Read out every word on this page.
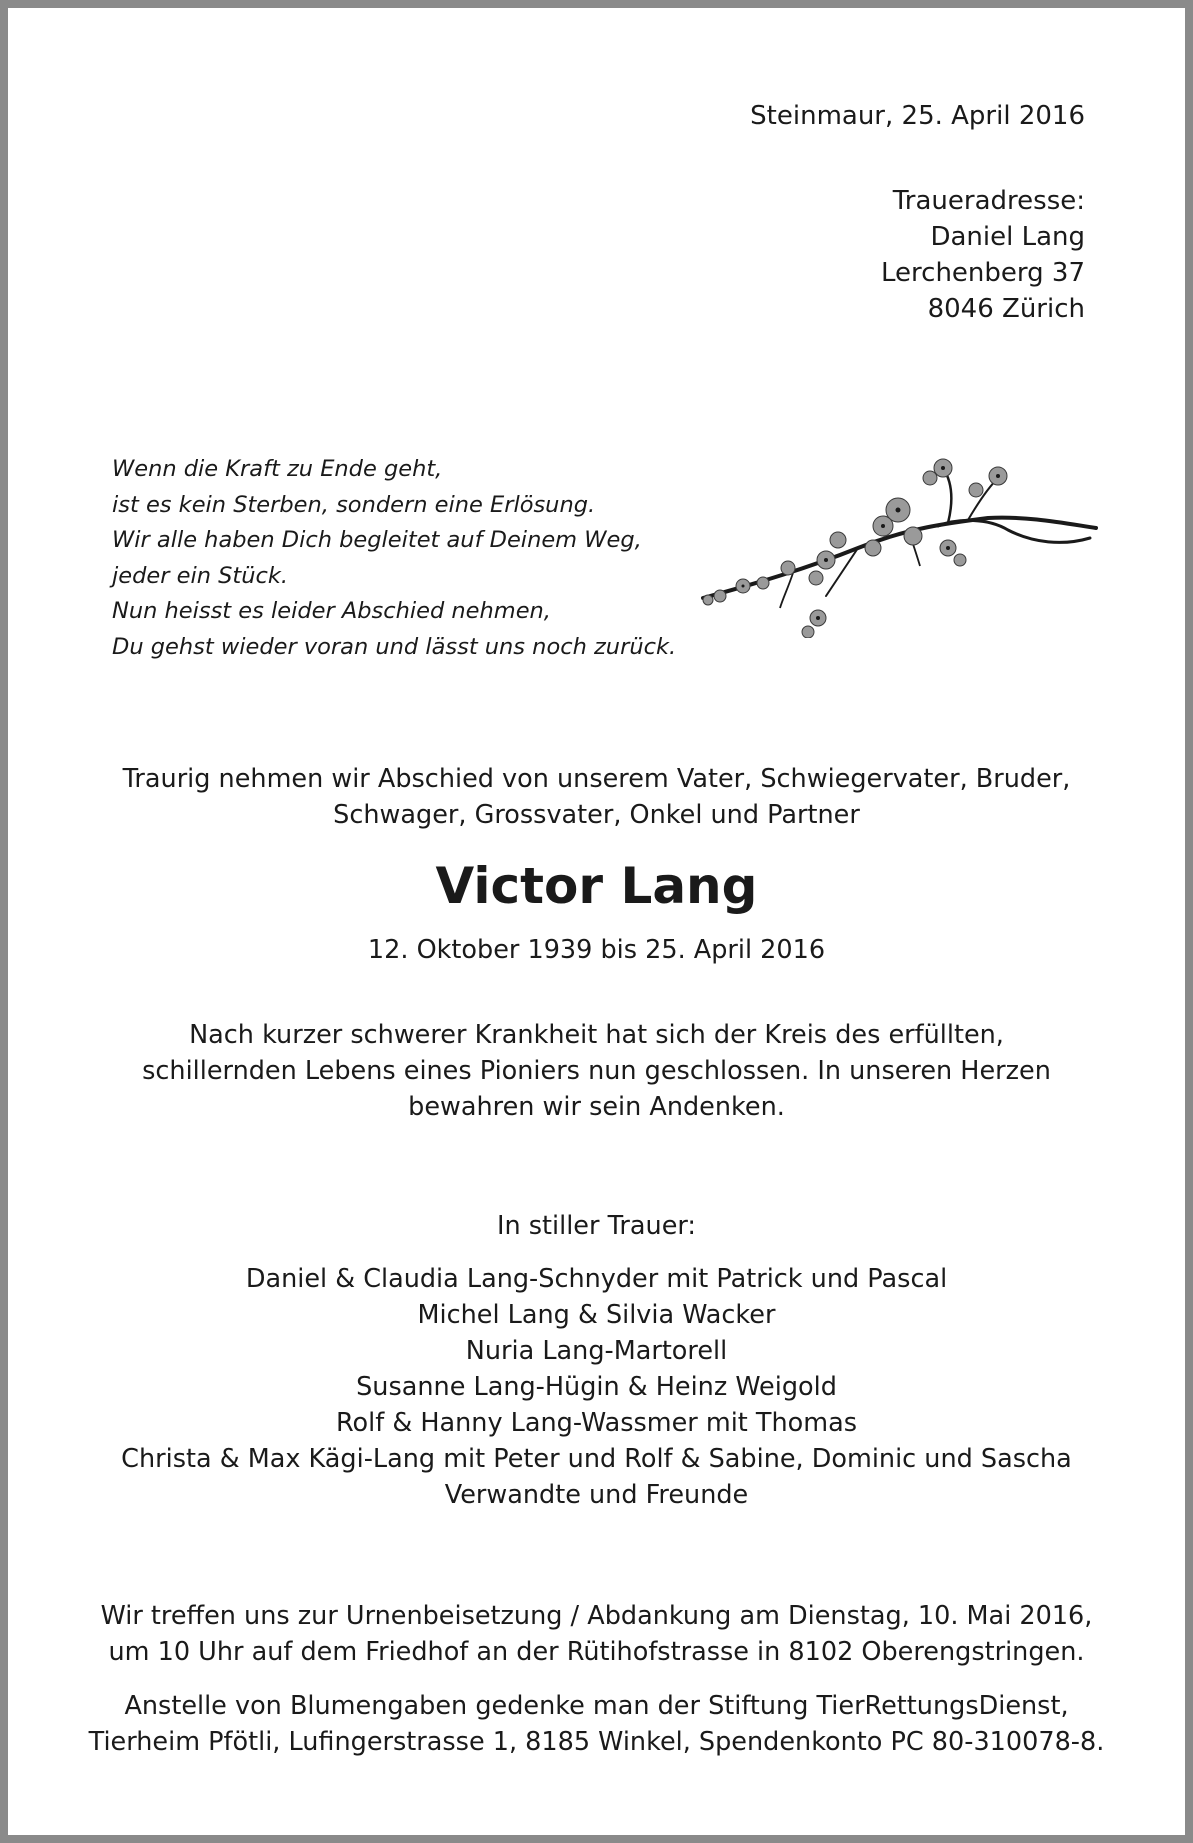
Steinmaur, 25. April 2016
Traueradresse:
Daniel Lang
Lerchenberg 37
8046 Zürich
Wenn die Kraft zu Ende geht,
ist es kein Sterben, sondern eine Erlösung.
Wir alle haben Dich begleitet auf Deinem Weg,
jeder ein Stück.
Nun heisst es leider Abschied nehmen,
Du gehst wieder voran und lässt uns noch zurück.
Traurig nehmen wir Abschied von unserem Vater, Schwiegervater, Bruder,
Schwager, Grossvater, Onkel und Partner
Victor Lang
12. Oktober 1939 bis 25. April 2016
Nach kurzer schwerer Krankheit hat sich der Kreis des erfüllten,
schillernden Lebens eines Pioniers nun geschlossen. In unseren Herzen
bewahren wir sein Andenken.
In stiller Trauer:
Daniel & Claudia Lang-Schnyder mit Patrick und Pascal
Michel Lang & Silvia Wacker
Nuria Lang-Martorell
Susanne Lang-Hügin & Heinz Weigold
Rolf & Hanny Lang-Wassmer mit Thomas
Christa & Max Kägi-Lang mit Peter und Rolf & Sabine, Dominic und Sascha
Verwandte und Freunde
Wir treffen uns zur Urnenbeisetzung / Abdankung am Dienstag, 10. Mai 2016,
um 10 Uhr auf dem Friedhof an der Rütihofstrasse in 8102 Oberengstringen.
Anstelle von Blumengaben gedenke man der Stiftung TierRettungsDienst,
Tierheim Pfötli, Lufingerstrasse 1, 8185 Winkel, Spendenkonto PC 80-310078-8.
